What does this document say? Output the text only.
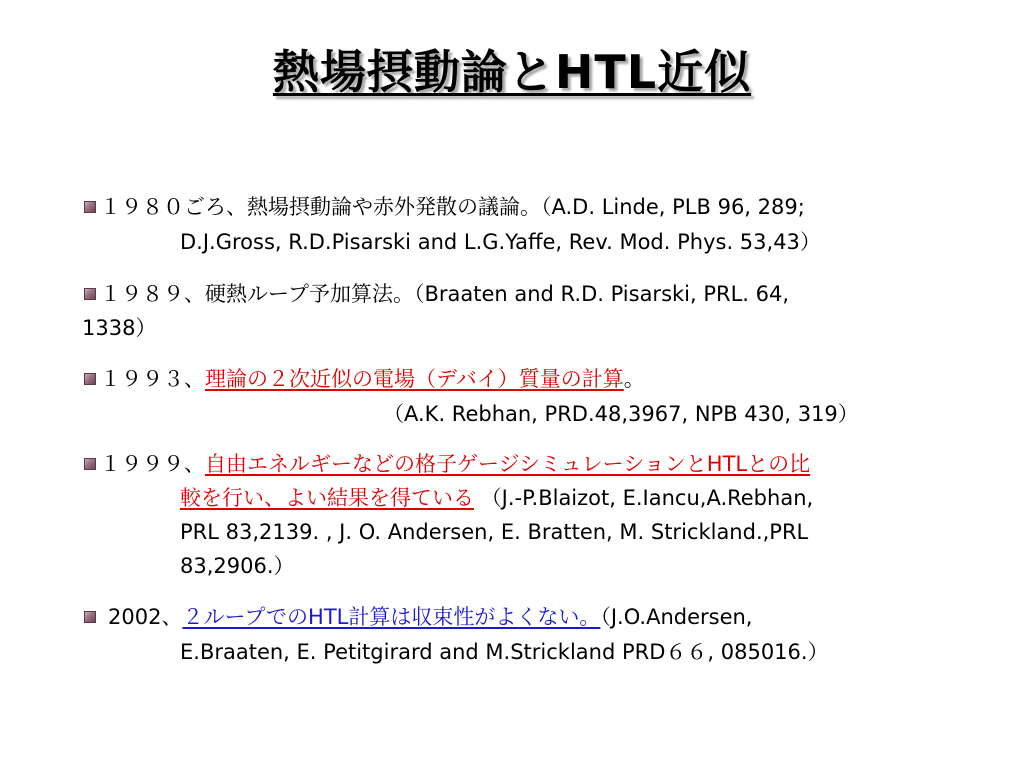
熱場摂動論とHTL近似
１９８０ごろ、熱場摂動論や赤外発散の議論。（A.D. Linde, PLB 96, 289;
D.J.Gross, R.D.Pisarski and L.G.Yaffe, Rev. Mod. Phys. 53,43）
１９８９、硬熱ループ予加算法。（Braaten and R.D. Pisarski, PRL. 64,
1338）
１９９３、理論の２次近似の電場（デバイ）質量の計算。
（A.K. Rebhan, PRD.48,3967, NPB 430, 319）
１９９９、自由エネルギーなどの格子ゲージシミュレーションとHTLとの比
較を行い、よい結果を得ている （J.-P.Blaizot, E.Iancu,A.Rebhan,
PRL 83,2139. , J. O. Andersen, E. Bratten, M. Strickland.,PRL
83,2906.）
2002、２ループでのHTL計算は収束性がよくない。（J.O.Andersen,
E.Braaten, E. Petitgirard and M.Strickland PRD６６, 085016.）
